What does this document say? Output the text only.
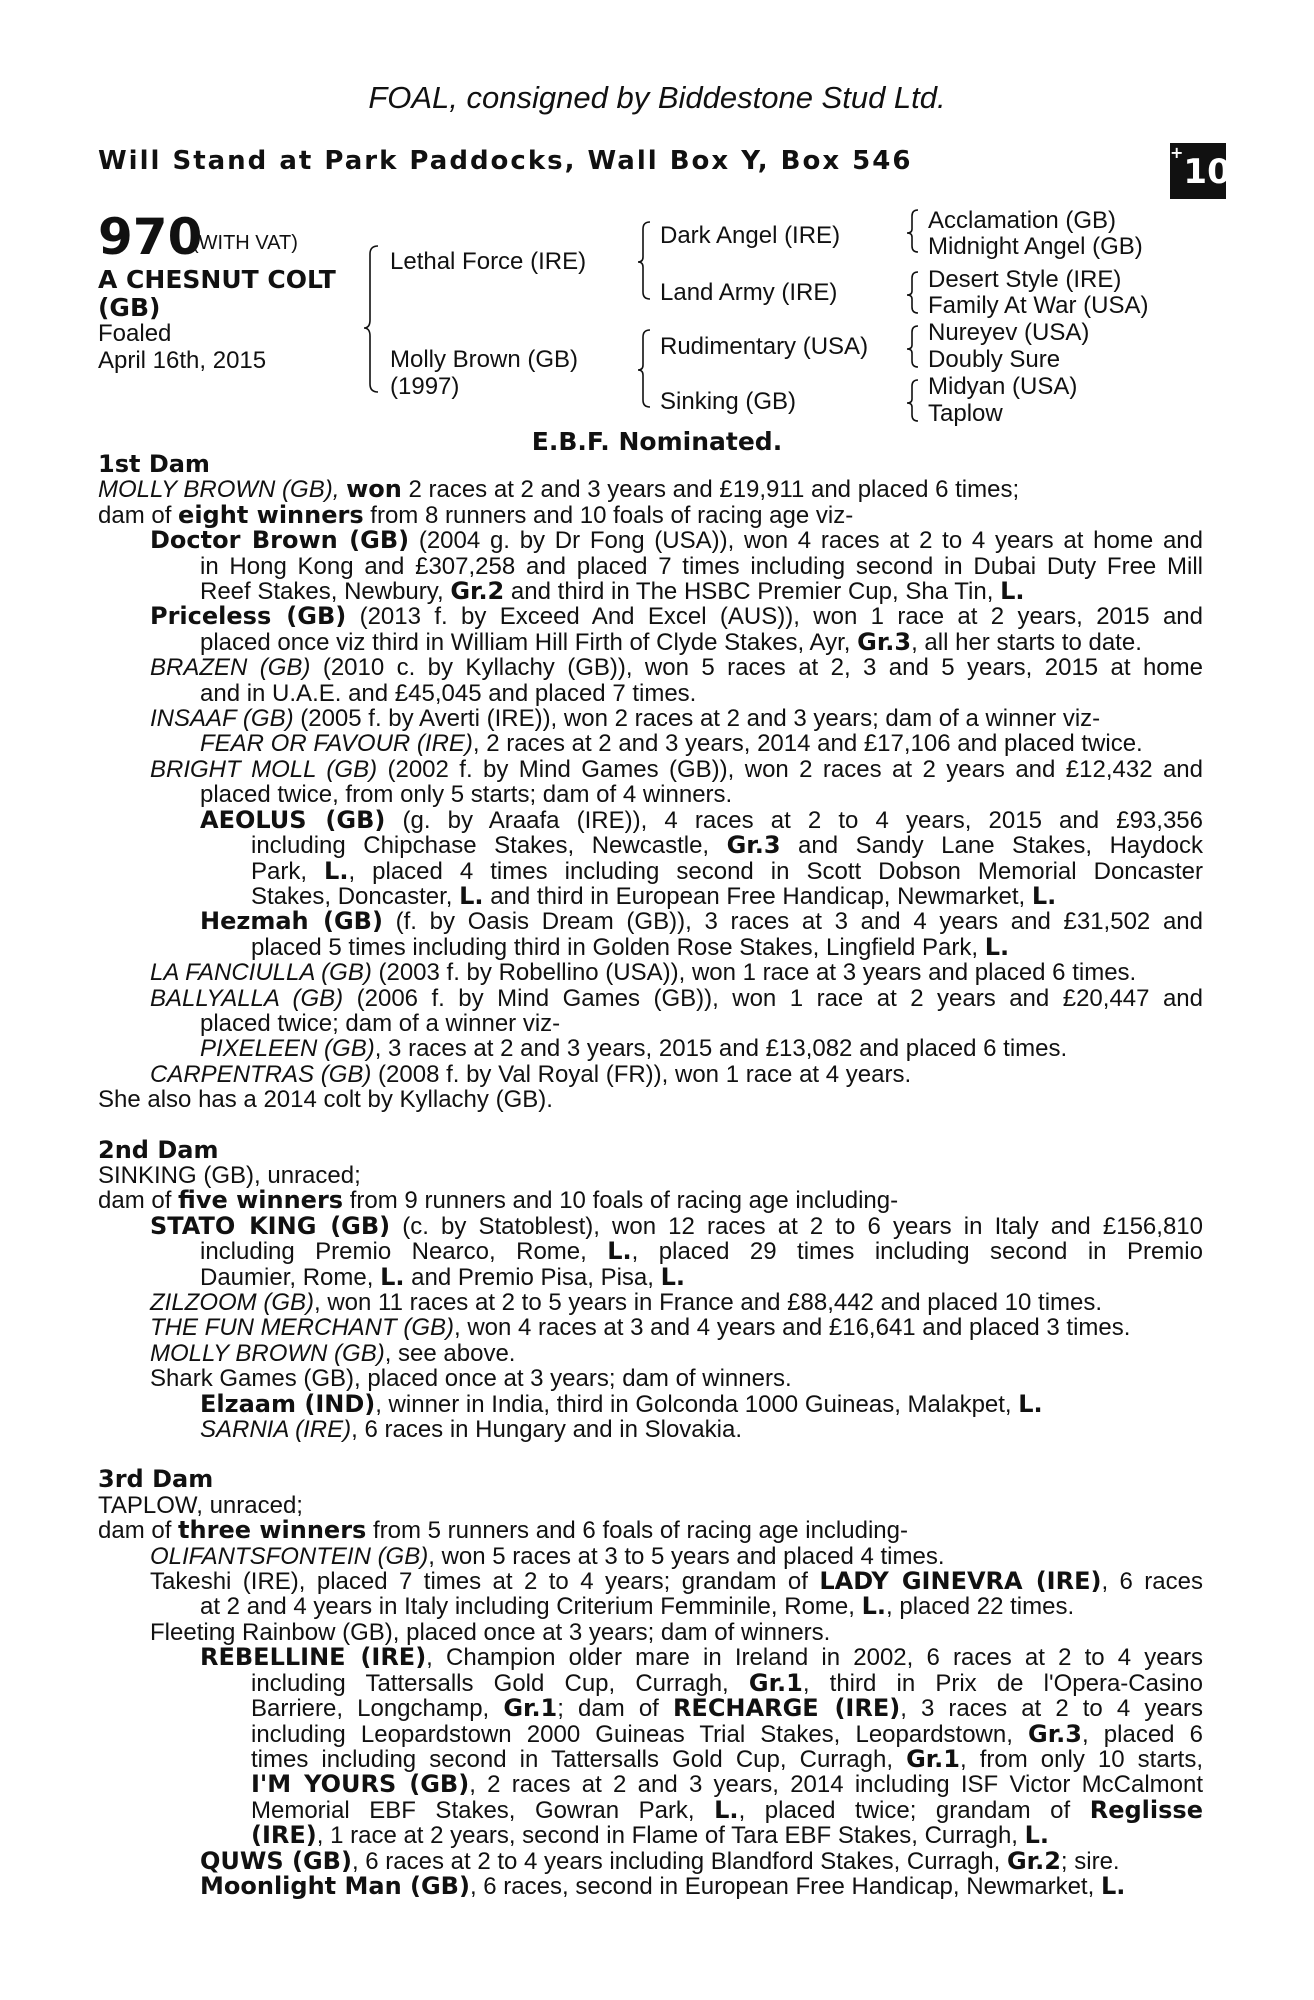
FOAL, consigned by Biddestone Stud Ltd.
Will Stand at Park Paddocks, Wall Box Y, Box 546	+10
970
(WITH VAT)
A CHESNUT COLT
(GB)
Foaled
April 16th, 2015
Lethal Force (IRE)
Molly Brown (GB)
(1997)
Dark Angel (IRE)
Land Army (IRE)
Rudimentary (USA)
Sinking (GB)
Acclamation (GB)
Midnight Angel (GB)
Desert Style (IRE)
Family At War (USA)
Nureyev (USA)
Doubly Sure
Midyan (USA)
Taplow
E.B.F. Nominated.
1st Dam
MOLLY BROWN (GB), won 2 races at 2 and 3 years and £19,911 and placed 6 times;
dam of eight winners from 8 runners and 10 foals of racing age viz-
Doctor Brown (GB) (2004 g. by Dr Fong (USA)), won 4 races at 2 to 4 years at home and
in Hong Kong and £307,258 and placed 7 times including second in Dubai Duty Free Mill
Reef Stakes, Newbury, Gr.2 and third in The HSBC Premier Cup, Sha Tin, L.
Priceless (GB) (2013 f. by Exceed And Excel (AUS)), won 1 race at 2 years, 2015 and
placed once viz third in William Hill Firth of Clyde Stakes, Ayr, Gr.3, all her starts to date.
BRAZEN (GB) (2010 c. by Kyllachy (GB)), won 5 races at 2, 3 and 5 years, 2015 at home
and in U.A.E. and £45,045 and placed 7 times.
INSAAF (GB) (2005 f. by Averti (IRE)), won 2 races at 2 and 3 years; dam of a winner viz-
FEAR OR FAVOUR (IRE), 2 races at 2 and 3 years, 2014 and £17,106 and placed twice.
BRIGHT MOLL (GB) (2002 f. by Mind Games (GB)), won 2 races at 2 years and £12,432 and
placed twice, from only 5 starts; dam of 4 winners.
AEOLUS (GB) (g. by Araafa (IRE)), 4 races at 2 to 4 years, 2015 and £93,356
including Chipchase Stakes, Newcastle, Gr.3 and Sandy Lane Stakes, Haydock
Park, L., placed 4 times including second in Scott Dobson Memorial Doncaster
Stakes, Doncaster, L. and third in European Free Handicap, Newmarket, L.
Hezmah (GB) (f. by Oasis Dream (GB)), 3 races at 3 and 4 years and £31,502 and
placed 5 times including third in Golden Rose Stakes, Lingfield Park, L.
LA FANCIULLA (GB) (2003 f. by Robellino (USA)), won 1 race at 3 years and placed 6 times.
BALLYALLA (GB) (2006 f. by Mind Games (GB)), won 1 race at 2 years and £20,447 and
placed twice; dam of a winner viz-
PIXELEEN (GB), 3 races at 2 and 3 years, 2015 and £13,082 and placed 6 times.
CARPENTRAS (GB) (2008 f. by Val Royal (FR)), won 1 race at 4 years.
She also has a 2014 colt by Kyllachy (GB).
2nd Dam
SINKING (GB), unraced;
dam of five winners from 9 runners and 10 foals of racing age including-
STATO KING (GB) (c. by Statoblest), won 12 races at 2 to 6 years in Italy and £156,810
including Premio Nearco, Rome, L., placed 29 times including second in Premio
Daumier, Rome, L. and Premio Pisa, Pisa, L.
ZILZOOM (GB), won 11 races at 2 to 5 years in France and £88,442 and placed 10 times.
THE FUN MERCHANT (GB), won 4 races at 3 and 4 years and £16,641 and placed 3 times.
MOLLY BROWN (GB), see above.
Shark Games (GB), placed once at 3 years; dam of winners.
Elzaam (IND), winner in India, third in Golconda 1000 Guineas, Malakpet, L.
SARNIA (IRE), 6 races in Hungary and in Slovakia.
3rd Dam
TAPLOW, unraced;
dam of three winners from 5 runners and 6 foals of racing age including-
OLIFANTSFONTEIN (GB), won 5 races at 3 to 5 years and placed 4 times.
Takeshi (IRE), placed 7 times at 2 to 4 years; grandam of LADY GINEVRA (IRE), 6 races
at 2 and 4 years in Italy including Criterium Femminile, Rome, L., placed 22 times.
Fleeting Rainbow (GB), placed once at 3 years; dam of winners.
REBELLINE (IRE), Champion older mare in Ireland in 2002, 6 races at 2 to 4 years
including Tattersalls Gold Cup, Curragh, Gr.1, third in Prix de l'Opera-Casino
Barriere, Longchamp, Gr.1; dam of RECHARGE (IRE), 3 races at 2 to 4 years
including Leopardstown 2000 Guineas Trial Stakes, Leopardstown, Gr.3, placed 6
times including second in Tattersalls Gold Cup, Curragh, Gr.1, from only 10 starts,
I'M YOURS (GB), 2 races at 2 and 3 years, 2014 including ISF Victor McCalmont
Memorial EBF Stakes, Gowran Park, L., placed twice; grandam of Reglisse
(IRE), 1 race at 2 years, second in Flame of Tara EBF Stakes, Curragh, L.
QUWS (GB), 6 races at 2 to 4 years including Blandford Stakes, Curragh, Gr.2; sire.
Moonlight Man (GB), 6 races, second in European Free Handicap, Newmarket, L.
